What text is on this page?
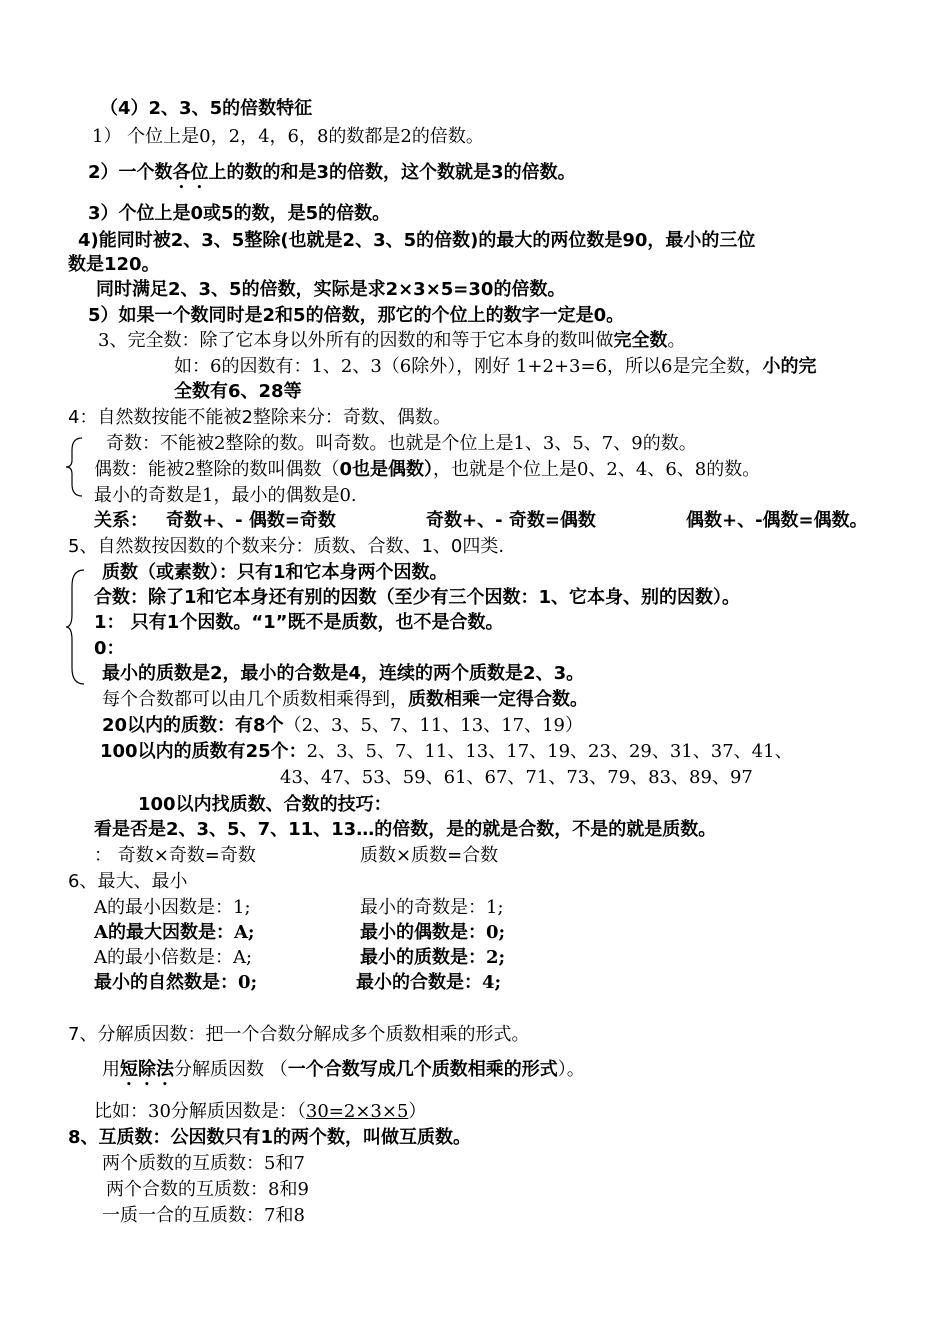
（4）2、3、5的倍数特征
1） 个位上是0，2，4，6，8的数都是2的倍数。
2）一个数各位上的数的和是3的倍数，这个数就是3的倍数。
3）个位上是0或5的数，是5的倍数。
4)能同时被2、3、5整除(也就是2、3、5的倍数)的最大的两位数是90，最小的三位
数是120。
同时满足2、3、5的倍数，实际是求2×3×5=30的倍数。
5）如果一个数同时是2和5的倍数，那它的个位上的数字一定是0。
3、完全数：除了它本身以外所有的因数的和等于它本身的数叫做完全数。
如：6的因数有：1、2、3（6除外），刚好 1+2+3=6，所以6是完全数，小的完
全数有6、28等
4：自然数按能不能被2整除来分：奇数、偶数。
奇数：不能被2整除的数。叫奇数。也就是个位上是1、3、5、7、9的数。
偶数：能被2整除的数叫偶数（0也是偶数），也就是个位上是0、2、4、6、8的数。
最小的奇数是1，最小的偶数是0.
关系： 奇数+、- 偶数=奇数	奇数+、- 奇数=偶数	偶数+、-偶数=偶数。
5、自然数按因数的个数来分：质数、合数、1、0四类.
质数（或素数）：只有1和它本身两个因数。
合数：除了1和它本身还有别的因数（至少有三个因数：1、它本身、别的因数）。
1： 只有1个因数。“1”既不是质数，也不是合数。
0：
最小的质数是2，最小的合数是4，连续的两个质数是2、3。
每个合数都可以由几个质数相乘得到，质数相乘一定得合数。
20以内的质数：有8个（2、3、5、7、11、13、17、19）
100以内的质数有25个：2、3、5、7、11、13、17、19、23、29、31、37、41、
43、47、53、59、61、67、71、73、79、83、89、97
100以内找质数、合数的技巧：
看是否是2、3、5、7、11、13…的倍数，是的就是合数，不是的就是质数。
： 奇数×奇数=奇数	质数×质数=合数
6、最大、最小
A的最小因数是：1;	最小的奇数是：1;
A的最大因数是：A;	最小的偶数是：0;
A的最小倍数是：A;	最小的质数是：2;
最小的自然数是：0;	最小的合数是：4;
7、分解质因数：把一个合数分解成多个质数相乘的形式。
用短除法分解质因数 （一个合数写成几个质数相乘的形式）。
比如：30分解质因数是：（30=2×3×5）
8、互质数：公因数只有1的两个数，叫做互质数。
两个质数的互质数：5和7
两个合数的互质数：8和9
一质一合的互质数：7和8
